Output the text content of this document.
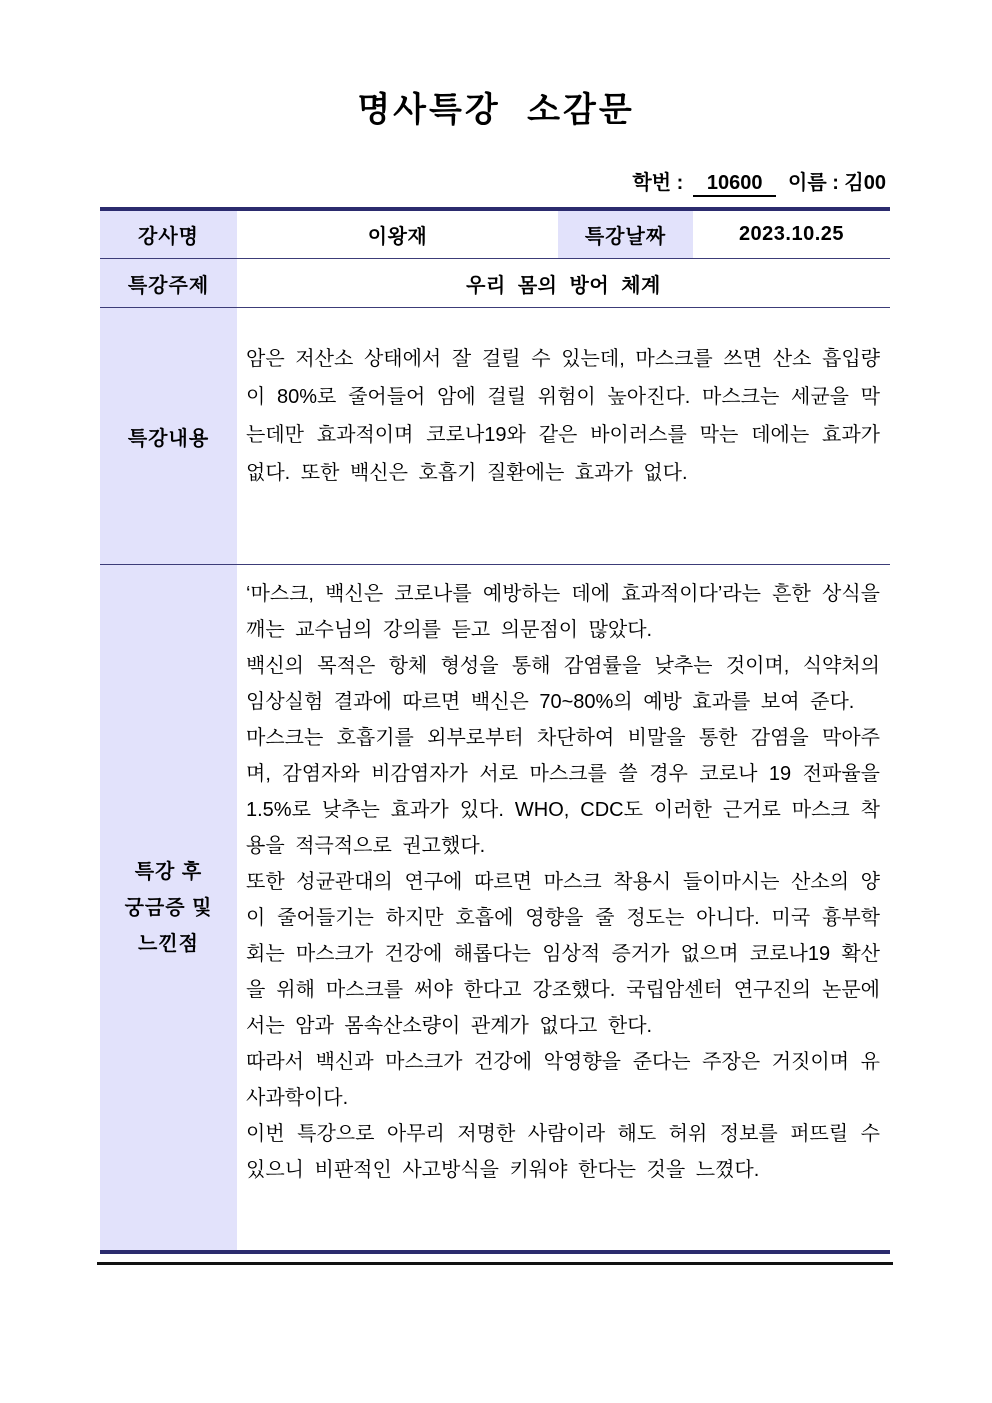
명사특강 소감문
학번 : 10600 이름 : 김00
강사명	이왕재	특강날짜	2023.10.25
특강주제	우리 몸의 방어 체계
특강내용

암은 저산소 상태에서 잘 걸릴 수 있는데, 마스크를 쓰면 산소 흡입량이 80%로 줄어들어 암에 걸릴 위험이 높아진다. 마스크는 세균을 막는데만 효과적이며 코로나19와 같은 바이러스를 막는 데에는 효과가 없다. 또한 백신은 호흡기 질환에는 효과가 없다.

특강 후
궁금증 및
느낀점

‘마스크, 백신은 코로나를 예방하는 데에 효과적이다’라는 흔한 상식을 깨는 교수님의 강의를 듣고 의문점이 많았다.

백신의 목적은 항체 형성을 통해 감염률을 낮추는 것이며, 식약처의 임상실험 결과에 따르면 백신은 70~80%의 예방 효과를 보여 준다.

마스크는 호흡기를 외부로부터 차단하여 비말을 통한 감염을 막아주며, 감염자와 비감염자가 서로 마스크를 쓸 경우 코로나 19 전파율을 1.5%로 낮추는 효과가 있다. WHO, CDC도 이러한 근거로 마스크 착용을 적극적으로 권고했다.

또한 성균관대의 연구에 따르면 마스크 착용시 들이마시는 산소의 양이 줄어들기는 하지만 호흡에 영향을 줄 정도는 아니다. 미국 흉부학회는 마스크가 건강에 해롭다는 임상적 증거가 없으며 코로나19 확산을 위해 마스크를 써야 한다고 강조했다. 국립암센터 연구진의 논문에서는 암과 몸속산소량이 관계가 없다고 한다.

따라서 백신과 마스크가 건강에 악영향을 준다는 주장은 거짓이며 유사과학이다.

이번 특강으로 아무리 저명한 사람이라 해도 허위 정보를 퍼뜨릴 수 있으니 비판적인 사고방식을 키워야 한다는 것을 느꼈다.
